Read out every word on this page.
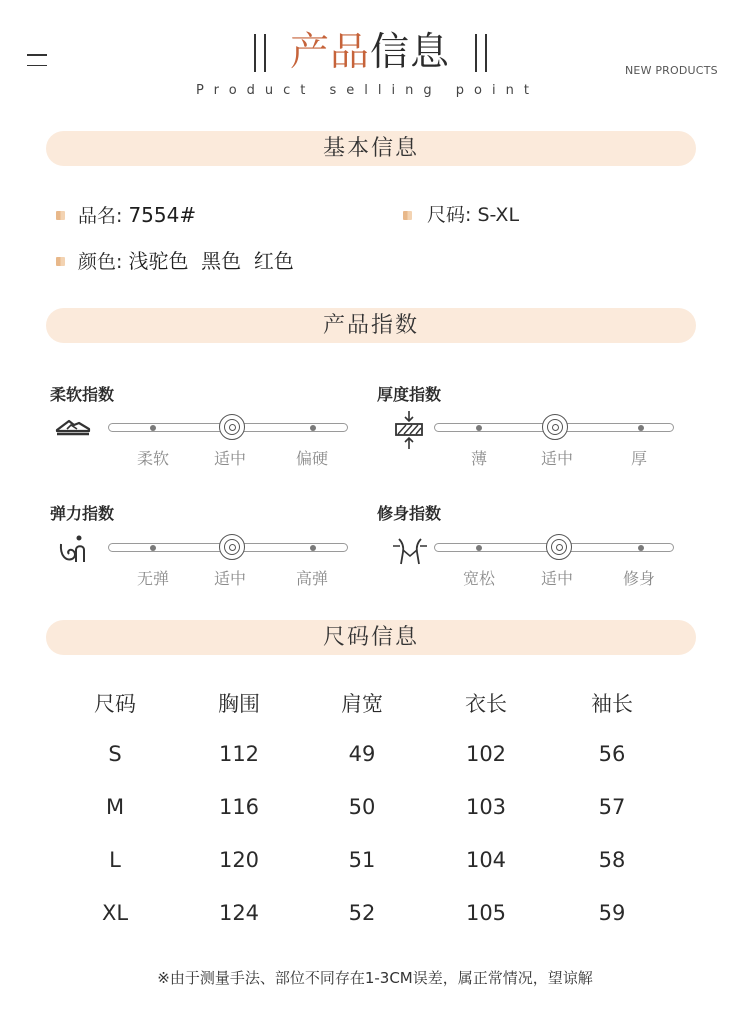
产品信息
Product selling point
NEW PRODUCTS
基本信息
品名: 7554#	尺码: S-XL
颜色: 浅驼色  黑色  红色
产品指数
柔软指数
柔软	适中	偏硬
厚度指数
薄	适中	厚
弹力指数
无弹	适中	高弹
修身指数
宽松	适中	修身
尺码信息
尺码	胸围	肩宽	衣长	袖长
S	112	49	102	56
M	116	50	103	57
L	120	51	104	58
XL	124	52	105	59
※由于测量手法、部位不同存在1-3CM误差，属正常情况，望谅解
